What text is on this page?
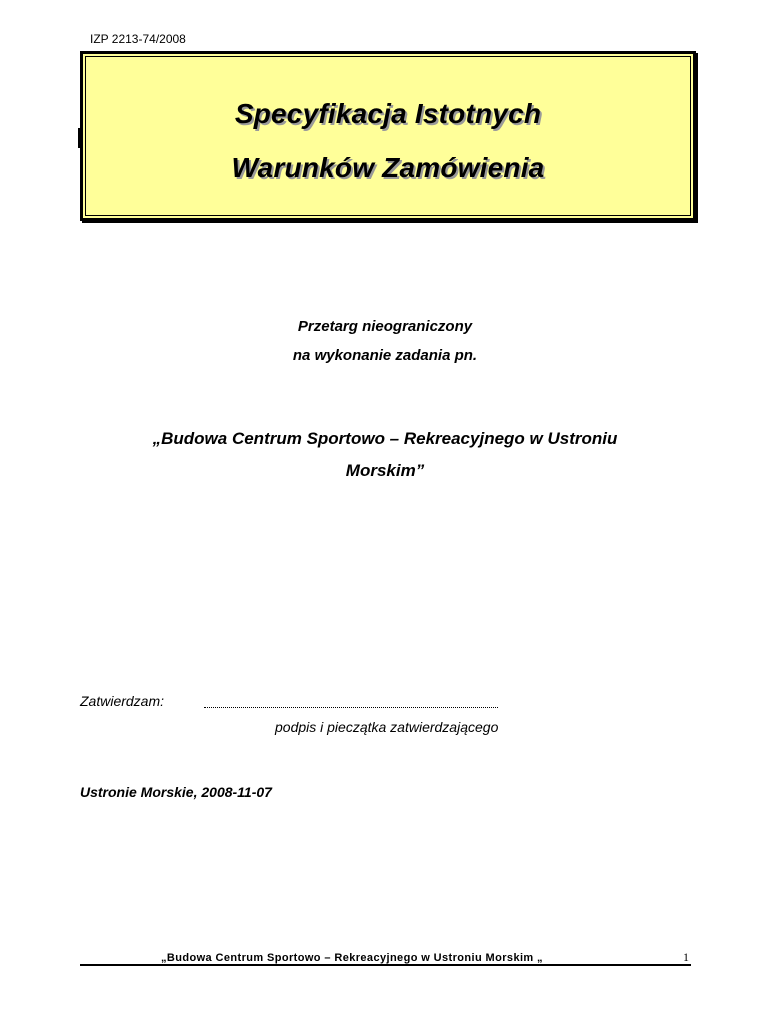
IZP 2213-74/2008
Specyfikacja Istotnych
Warunków Zamówienia
Przetarg nieograniczony
na wykonanie zadania pn.
„Budowa Centrum Sportowo – Rekreacyjnego w Ustroniu
Morskim”
Zatwierdzam:
podpis i pieczątka zatwierdzającego
Ustronie Morskie, 2008-11-07
„Budowa Centrum Sportowo – Rekreacyjnego w Ustroniu Morskim „	1
